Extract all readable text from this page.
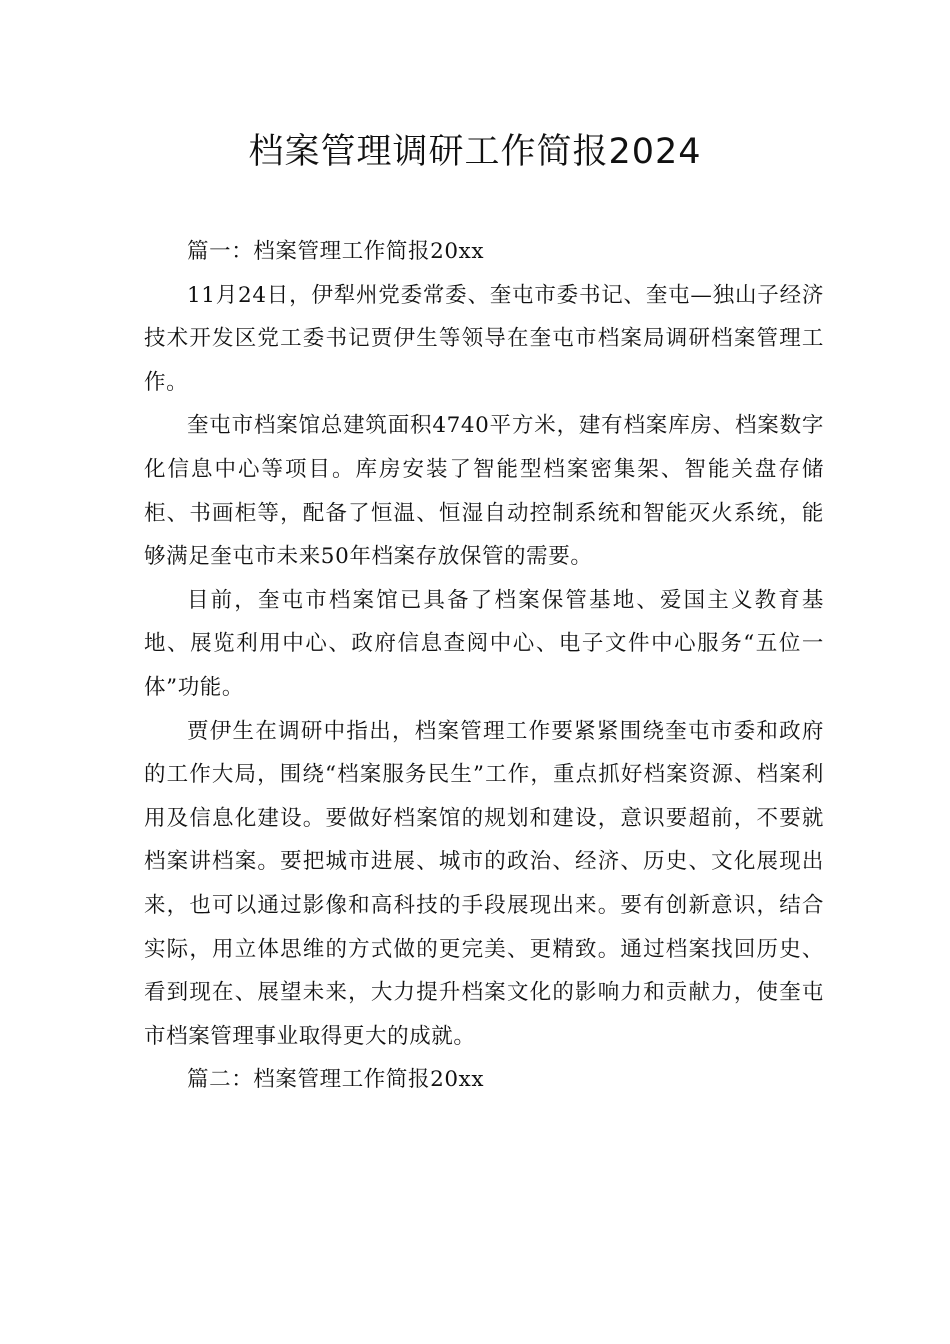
档案管理调研工作简报2024

篇一：档案管理工作简报20xx

11月24日，伊犁州党委常委、奎屯市委书记、奎屯—独山子经济技术开发区党工委书记贾伊生等领导在奎屯市档案局调研档案管理工作。

奎屯市档案馆总建筑面积4740平方米，建有档案库房、档案数字化信息中心等项目。库房安装了智能型档案密集架、智能关盘存储柜、书画柜等，配备了恒温、恒湿自动控制系统和智能灭火系统，能够满足奎屯市未来50年档案存放保管的需要。

目前，奎屯市档案馆已具备了档案保管基地、爱国主义教育基地、展览利用中心、政府信息查阅中心、电子文件中心服务“五位一体”功能。

贾伊生在调研中指出，档案管理工作要紧紧围绕奎屯市委和政府的工作大局，围绕“档案服务民生”工作，重点抓好档案资源、档案利用及信息化建设。要做好档案馆的规划和建设，意识要超前，不要就档案讲档案。要把城市进展、城市的政治、经济、历史、文化展现出来，也可以通过影像和高科技的手段展现出来。要有创新意识，结合实际，用立体思维的方式做的更完美、更精致。通过档案找回历史、看到现在、展望未来，大力提升档案文化的影响力和贡献力，使奎屯市档案管理事业取得更大的成就。

篇二：档案管理工作简报20xx
